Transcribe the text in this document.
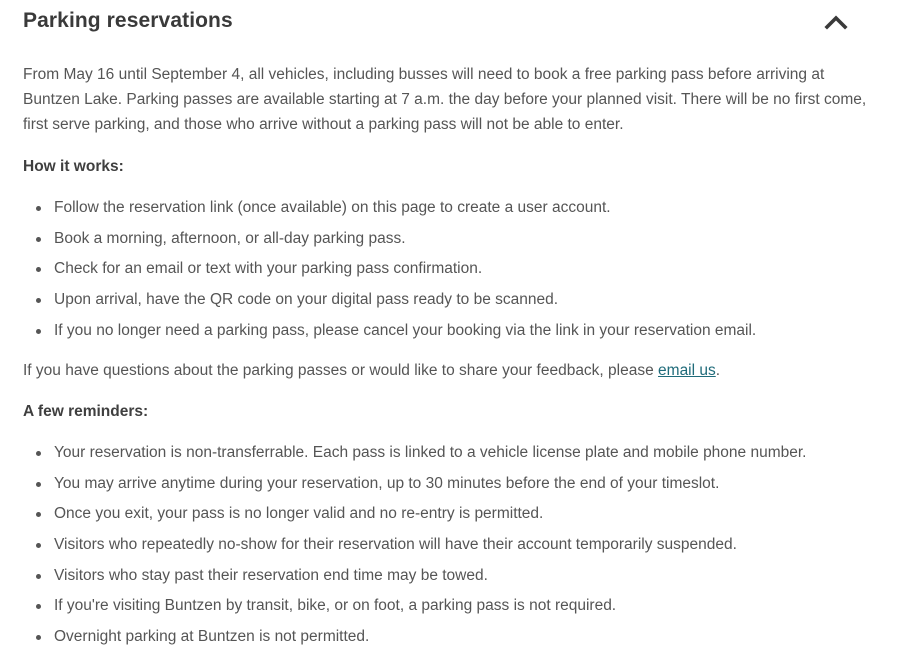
Parking reservations

From May 16 until September 4, all vehicles, including busses will need to book a free parking pass before arriving at Buntzen Lake. Parking passes are available starting at 7 a.m. the day before your planned visit. There will be no first come, first serve parking, and those who arrive without a parking pass will not be able to enter.

How it works:
Follow the reservation link (once available) on this page to create a user account.
Book a morning, afternoon, or all-day parking pass.
Check for an email or text with your parking pass confirmation.
Upon arrival, have the QR code on your digital pass ready to be scanned.
If you no longer need a parking pass, please cancel your booking via the link in your reservation email.

If you have questions about the parking passes or would like to share your feedback, please email us.

A few reminders:
Your reservation is non-transferrable. Each pass is linked to a vehicle license plate and mobile phone number.
You may arrive anytime during your reservation, up to 30 minutes before the end of your timeslot.
Once you exit, your pass is no longer valid and no re-entry is permitted.
Visitors who repeatedly no-show for their reservation will have their account temporarily suspended.
Visitors who stay past their reservation end time may be towed.
If you're visiting Buntzen by transit, bike, or on foot, a parking pass is not required.
Overnight parking at Buntzen is not permitted.
